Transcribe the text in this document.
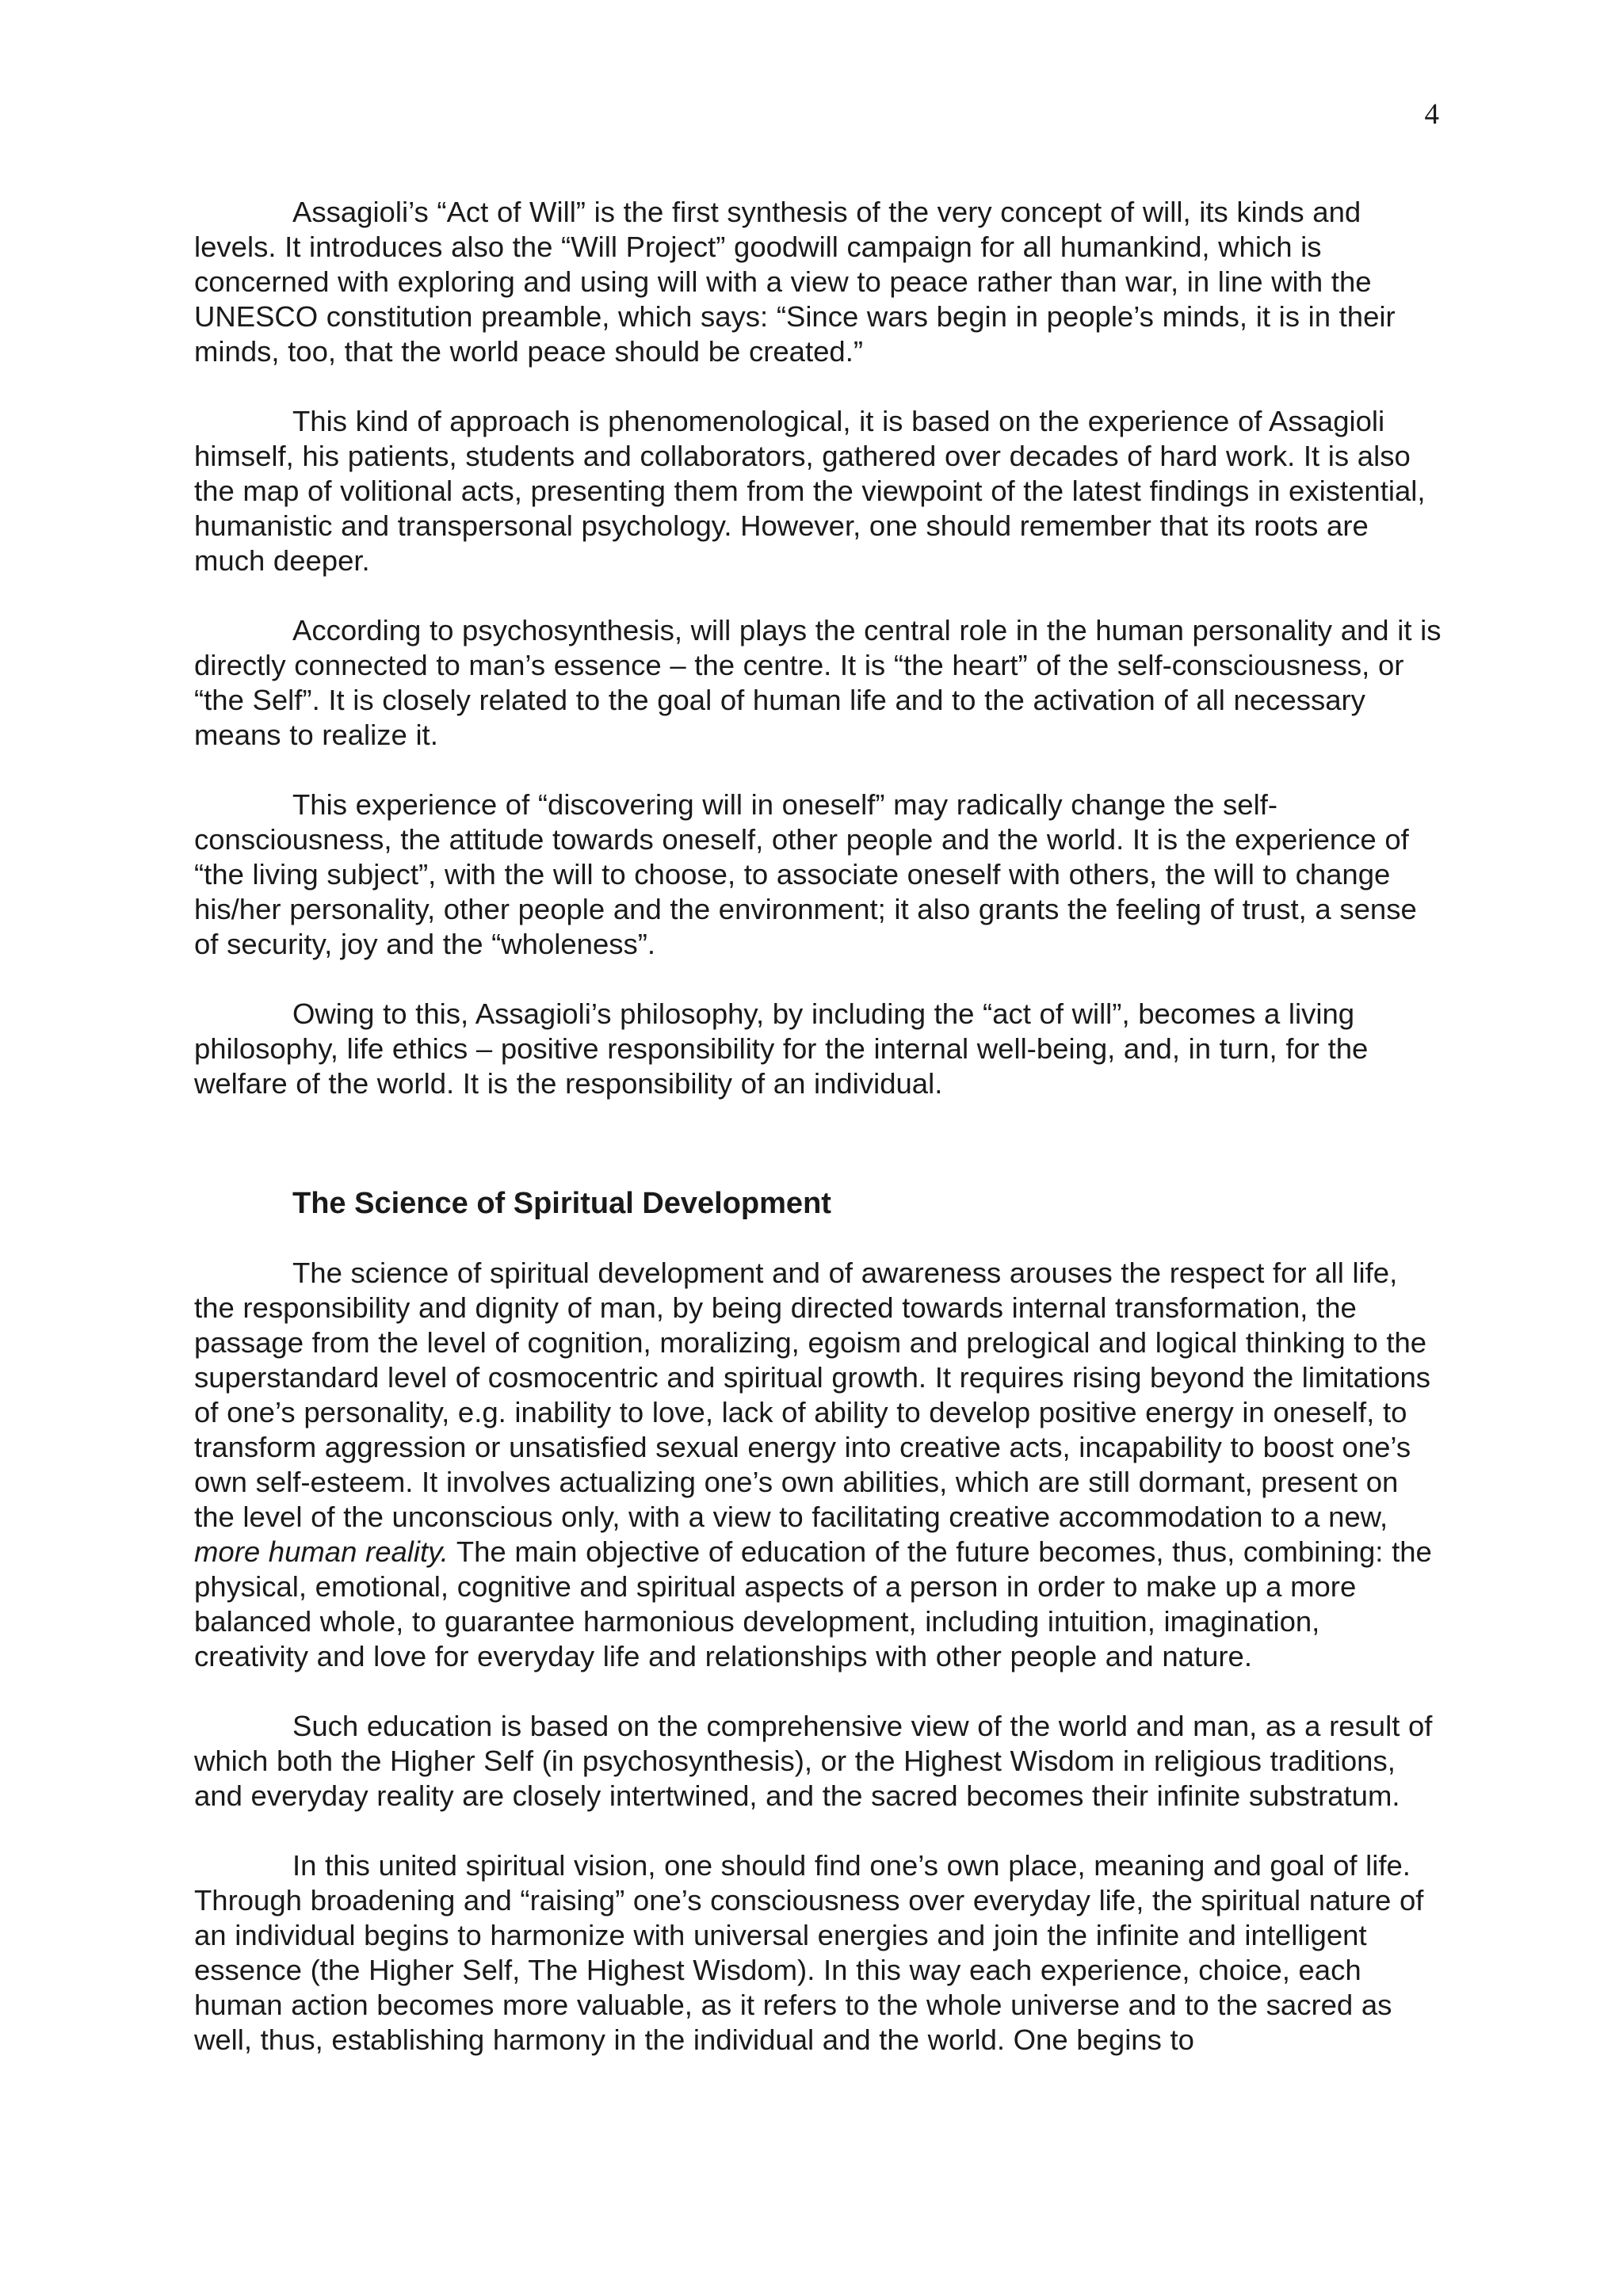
4

Assagioli’s “Act of Will” is the first synthesis of the very concept of will, its kinds and levels. It introduces also the “Will Project” goodwill campaign for all humankind, which is concerned with exploring and using will with a view to peace rather than war, in line with the UNESCO constitution preamble, which says: “Since wars begin in people’s minds, it is in their minds, too, that the world peace should be created.”

This kind of approach is phenomenological, it is based on the experience of Assagioli himself, his patients, students and collaborators, gathered over decades of hard work. It is also the map of volitional acts, presenting them from the viewpoint of the latest findings in existential, humanistic and transpersonal psychology. However, one should remember that its roots are much deeper.

According to psychosynthesis, will plays the central role in the human personality and it is directly connected to man’s essence – the centre. It is “the heart” of the self-consciousness, or “the Self”. It is closely related to the goal of human life and to the activation of all necessary means to realize it.

This experience of “discovering will in oneself” may radically change the self-consciousness, the attitude towards oneself, other people and the world. It is the experience of “the living subject”, with the will to choose, to associate oneself with others, the will to change his/her personality, other people and the environment; it also grants the feeling of trust, a sense of security, joy and the “wholeness”.

Owing to this, Assagioli’s philosophy, by including the “act of will”, becomes a living philosophy, life ethics – positive responsibility for the internal well-being, and, in turn, for the welfare of the world. It is the responsibility of an individual.

The Science of Spiritual Development

The science of spiritual development and of awareness arouses the respect for all life, the responsibility and dignity of man, by being directed towards internal transformation, the passage from the level of cognition, moralizing, egoism and prelogical and logical thinking to the superstandard level of cosmocentric and spiritual growth. It requires rising beyond the limitations of one’s personality, e.g. inability to love, lack of ability to develop positive energy in oneself, to transform aggression or unsatisfied sexual energy into creative acts, incapability to boost one’s own self-esteem. It involves actualizing one’s own abilities, which are still dormant, present on the level of the unconscious only, with a view to facilitating creative accommodation to a new, more human reality. The main objective of education of the future becomes, thus, combining: the physical, emotional, cognitive and spiritual aspects of a person in order to make up a more balanced whole, to guarantee harmonious development, including intuition, imagination, creativity and love for everyday life and relationships with other people and nature.

Such education is based on the comprehensive view of the world and man, as a result of which both the Higher Self (in psychosynthesis), or the Highest Wisdom in religious traditions, and everyday reality are closely intertwined, and the sacred becomes their infinite substratum.

In this united spiritual vision, one should find one’s own place, meaning and goal of life. Through broadening and “raising” one’s consciousness over everyday life, the spiritual nature of an individual begins to harmonize with universal energies and join the infinite and intelligent essence (the Higher Self, The Highest Wisdom). In this way each experience, choice, each human action becomes more valuable, as it refers to the whole universe and to the sacred as well, thus, establishing harmony in the individual and the world. One begins to
